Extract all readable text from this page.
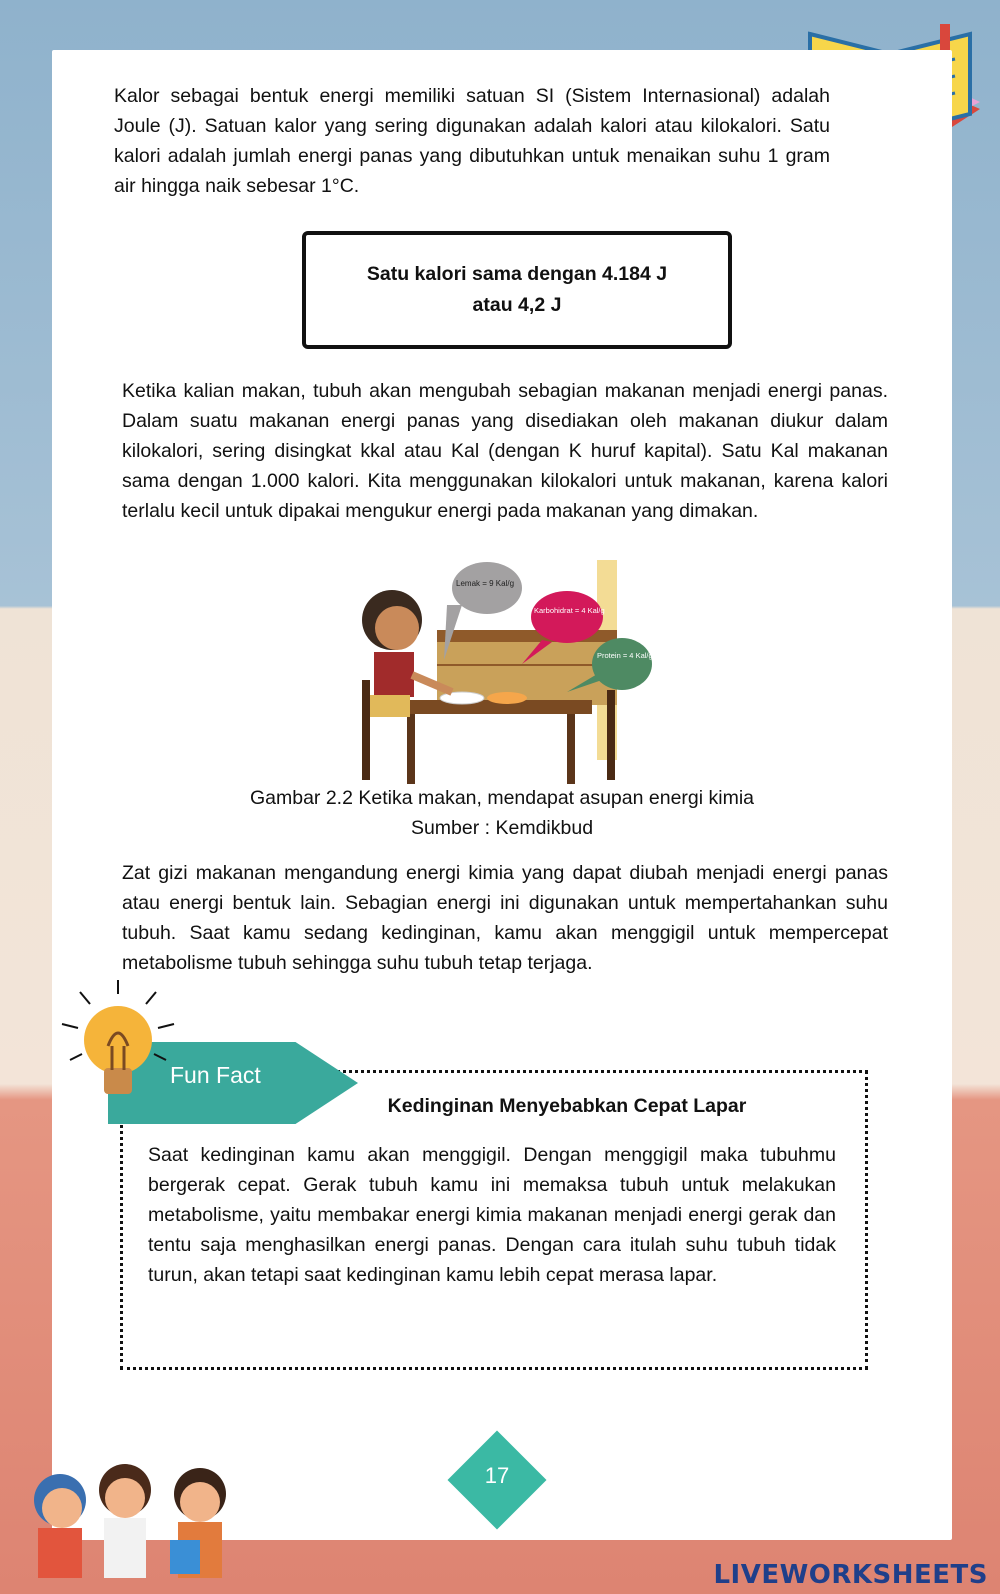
Kalor sebagai bentuk energi memiliki satuan SI (Sistem Internasional) adalah Joule (J). Satuan kalor yang sering digunakan adalah kalori atau kilokalori. Satu kalori adalah jumlah energi panas yang dibutuhkan untuk menaikan suhu 1 gram air hingga naik sebesar 1°C.

Satu kalori sama dengan 4.184 J
atau 4,2 J

Ketika kalian makan, tubuh akan mengubah sebagian makanan menjadi energi panas. Dalam suatu makanan energi panas yang disediakan oleh makanan diukur dalam kilokalori, sering disingkat kkal atau Kal (dengan K huruf kapital). Satu Kal makanan sama dengan 1.000 kalori. Kita menggunakan kilokalori untuk makanan, karena kalori terlalu kecil untuk dipakai mengukur energi pada makanan yang dimakan.

Lemak = 9 Kal/g
Karbohidrat = 4 Kal/g
Protein = 4 Kal/g

Gambar 2.2 Ketika makan, mendapat asupan energi kimia

Sumber : Kemdikbud

Zat gizi makanan mengandung energi kimia yang dapat diubah menjadi energi panas atau energi bentuk lain. Sebagian energi ini digunakan untuk mempertahankan suhu tubuh. Saat kamu sedang kedinginan, kamu akan menggigil untuk mempercepat metabolisme tubuh sehingga suhu tubuh tetap terjaga.

Fun Fact
Kedinginan Menyebabkan Cepat Lapar

Saat kedinginan kamu akan menggigil. Dengan menggigil maka tubuhmu bergerak cepat. Gerak tubuh kamu ini memaksa tubuh untuk melakukan metabolisme, yaitu membakar energi kimia makanan menjadi energi gerak dan tentu saja menghasilkan energi panas. Dengan cara itulah suhu tubuh tidak turun, akan tetapi saat kedinginan kamu lebih cepat merasa lapar.

17
LIVEWORKSHEETS
